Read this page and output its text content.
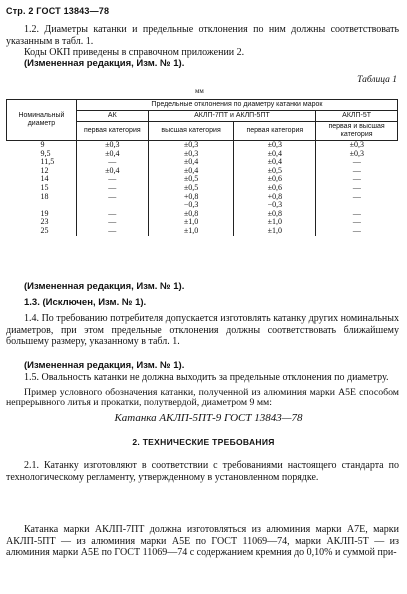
Стр. 2 ГОСТ 13843—78
1.2. Диаметры катанки и предельные отклонения по ним должны соответствовать указанным в табл. 1.
Коды ОКП приведены в справочном приложении 2.
(Измененная редакция, Изм. № 1).
Таблица 1
мм
Номинальный диаметр	Предельные отклонения по диаметру катанки марок			
	АК	АКЛП-7ПТ и АКЛП-5ПТ		АКЛП-5Т
	первая категория	высшая категория	первая категория	первая и высшая категория
9	±0,3	±0,3	±0,3	±0,3
9,5	±0,4	±0,3	±0,4	±0,3
11,5	—	±0,4	±0,4	—
12	±0,4	±0,4	±0,5	—
14	—	±0,5	±0,6	—
15	—	±0,5	±0,6	—
18	—	+0,8	+0,8	—
		−0,3	−0,3	
19	—	±0,8	±0,8	—
23	—	±1,0	±1,0	—
25	—	±1,0	±1,0	—
(Измененная редакция, Изм. № 1).
1.3. (Исключен, Изм. № 1).
1.4. По требованию потребителя допускается изготовлять катанку других номинальных диаметров, при этом предельные отклонения должны соответствовать ближайшему большему размеру, указанному в табл. 1.
(Измененная редакция, Изм. № 1).
1.5. Овальность катанки не должна выходить за предельные отклонения по диаметру.
Пример условного обозначения катанки, полученной из алюминия марки А5Е способом непрерывного литья и прокатки, полутвердой, диаметром 9 мм:
Катанка АКЛП-5ПТ-9 ГОСТ 13843—78
2. ТЕХНИЧЕСКИЕ ТРЕБОВАНИЯ
2.1. Катанку изготовляют в соответствии с требованиями настоящего стандарта по технологическому регламенту, утвержденному в установленном порядке.
Катанка марки АКЛП-7ПТ должна изготовляться из алюминия марки А7Е, марки АКЛП-5ПТ — из алюминия марки А5Е по ГОСТ 11069—74, марки АКЛП-5Т — из алюминия марки А5Е по ГОСТ 11069—74 с содержанием кремния до 0,10% и суммой при-
